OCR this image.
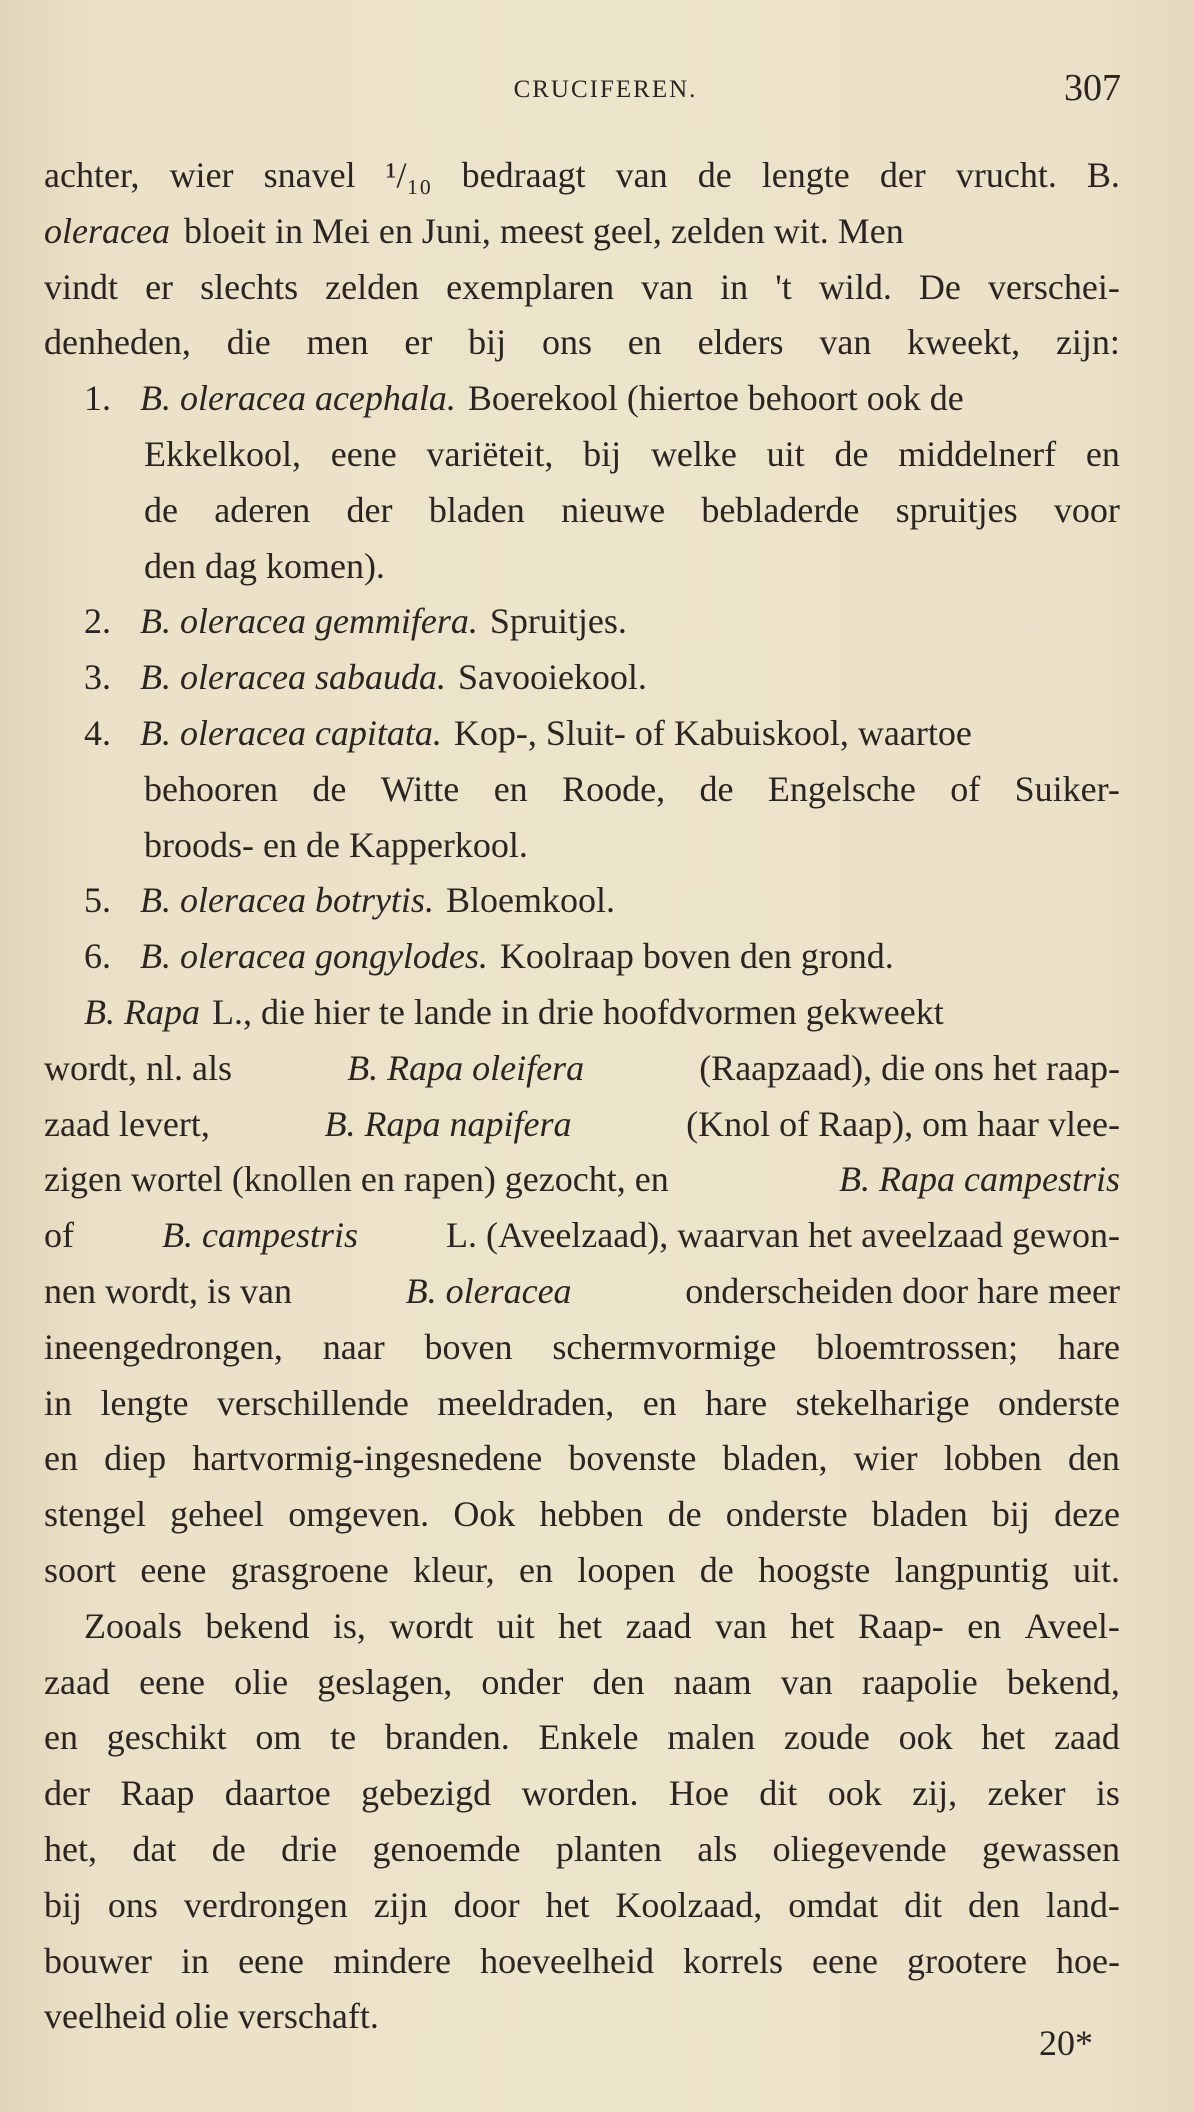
CRUCIFEREN.	307
achter, wier snavel ¹/₁₀ bedraagt van de lengte der vrucht. B.
oleracea bloeit in Mei en Juni, meest geel, zelden wit. Men
vindt er slechts zelden exemplaren van in 't wild. De verschei-
denheden, die men er bij ons en elders van kweekt, zijn:
1. B. oleracea acephala. Boerekool (hiertoe behoort ook de
Ekkelkool, eene variëteit, bij welke uit de middelnerf en
de aderen der bladen nieuwe bebladerde spruitjes voor
den dag komen).
2. B. oleracea gemmifera. Spruitjes.
3. B. oleracea sabauda. Savooiekool.
4. B. oleracea capitata. Kop-, Sluit- of Kabuiskool, waartoe
behooren de Witte en Roode, de Engelsche of Suiker-
broods- en de Kapperkool.
5. B. oleracea botrytis. Bloemkool.
6. B. oleracea gongylodes. Koolraap boven den grond.
B. Rapa L., die hier te lande in drie hoofdvormen gekweekt
wordt, nl. als	B. Rapa oleifera	(Raapzaad), die ons het raap-
zaad levert,	B. Rapa napifera	(Knol of Raap), om haar vlee-
zigen wortel (knollen en rapen) gezocht, en	B. Rapa campestris
of B. campestris L. (Aveelzaad), waarvan het aveelzaad gewon-
nen wordt, is van	B. oleracea	onderscheiden door hare meer
ineengedrongen, naar boven schermvormige bloemtrossen; hare
in lengte verschillende meeldraden, en hare stekelharige onderste
en diep hartvormig-ingesnedene bovenste bladen, wier lobben den
stengel geheel omgeven. Ook hebben de onderste bladen bij deze
soort eene grasgroene kleur, en loopen de hoogste langpuntig uit.
Zooals bekend is, wordt uit het zaad van het Raap- en Aveel-
zaad eene olie geslagen, onder den naam van raapolie bekend,
en geschikt om te branden. Enkele malen zoude ook het zaad
der Raap daartoe gebezigd worden. Hoe dit ook zij, zeker is
het, dat de drie genoemde planten als oliegevende gewassen
bij ons verdrongen zijn door het Koolzaad, omdat dit den land-
bouwer in eene mindere hoeveelheid korrels eene grootere hoe-
veelheid olie verschaft.
20*
